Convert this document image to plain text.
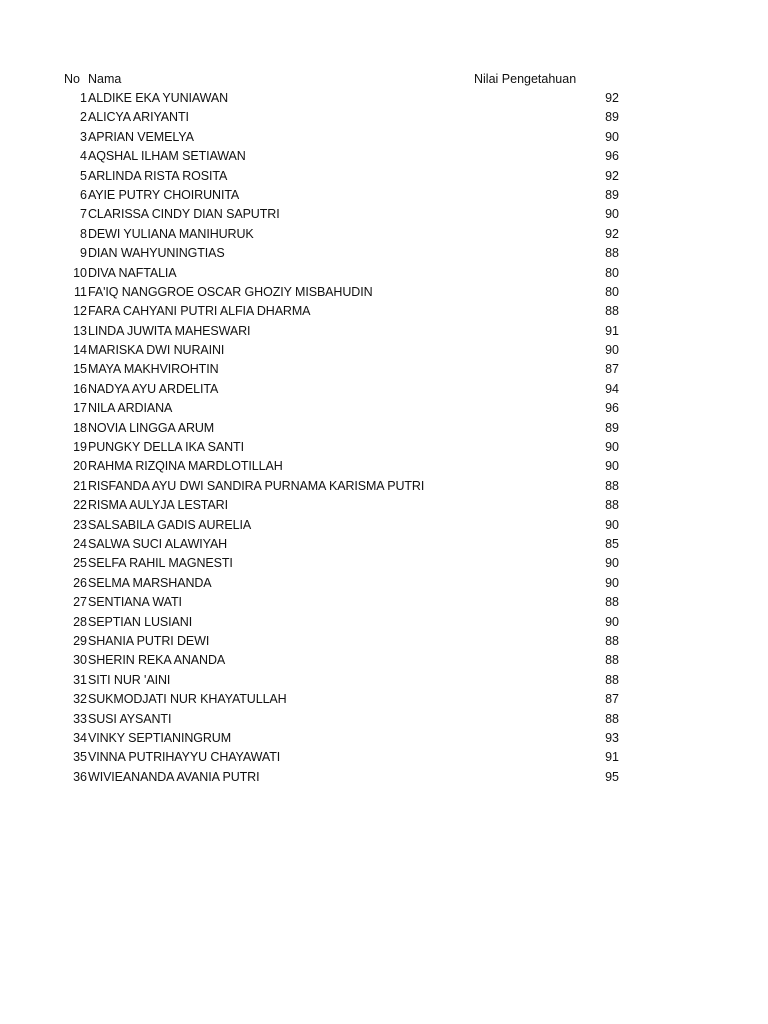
No Nama	Nilai Pengetahuan
1 ALDIKE EKA YUNIAWAN	92
2 ALICYA ARIYANTI	89
3 APRIAN VEMELYA	90
4 AQSHAL ILHAM SETIAWAN	96
5 ARLINDA RISTA ROSITA	92
6 AYIE PUTRY CHOIRUNITA	89
7 CLARISSA CINDY DIAN SAPUTRI	90
8 DEWI YULIANA MANIHURUK	92
9 DIAN WAHYUNINGTIAS	88
10 DIVA NAFTALIA	80
11 FA'IQ NANGGROE OSCAR GHOZIY MISBAHUDIN	80
12 FARA CAHYANI PUTRI ALFIA DHARMA	88
13 LINDA JUWITA MAHESWARI	91
14 MARISKA DWI NURAINI	90
15 MAYA MAKHVIROHTIN	87
16 NADYA AYU ARDELITA	94
17 NILA ARDIANA	96
18 NOVIA LINGGA ARUM	89
19 PUNGKY DELLA IKA SANTI	90
20 RAHMA RIZQINA MARDLOTILLAH	90
21 RISFANDA AYU DWI SANDIRA PURNAMA KARISMA PUTRI	88
22 RISMA AULYJA LESTARI	88
23 SALSABILA GADIS AURELIA	90
24 SALWA SUCI ALAWIYAH	85
25 SELFA RAHIL MAGNESTI	90
26 SELMA MARSHANDA	90
27 SENTIANA WATI	88
28 SEPTIAN LUSIANI	90
29 SHANIA PUTRI DEWI	88
30 SHERIN REKA ANANDA	88
31 SITI NUR 'AINI	88
32 SUKMODJATI NUR KHAYATULLAH	87
33 SUSI AYSANTI	88
34 VINKY SEPTIANINGRUM	93
35 VINNA PUTRIHAYYU CHAYAWATI	91
36 WIVIEANANDA AVANIA PUTRI	95
